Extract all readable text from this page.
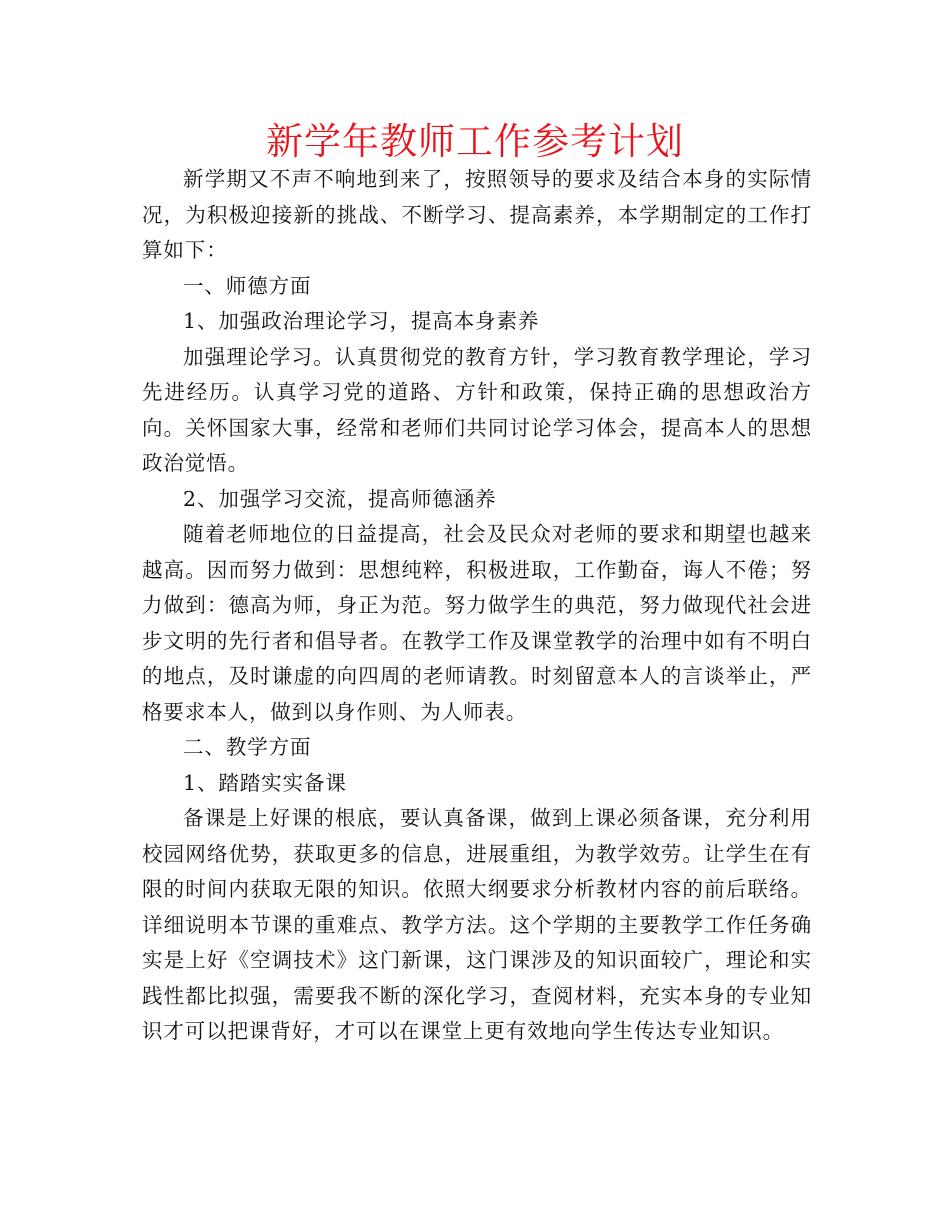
新学年教师工作参考计划

新学期又不声不响地到来了，按照领导的要求及结合本身的实际情况，为积极迎接新的挑战、不断学习、提高素养，本学期制定的工作打算如下：

一、师德方面

1、加强政治理论学习，提高本身素养

加强理论学习。认真贯彻党的教育方针，学习教育教学理论，学习先进经历。认真学习党的道路、方针和政策，保持正确的思想政治方向。关怀国家大事，经常和老师们共同讨论学习体会，提高本人的思想政治觉悟。

2、加强学习交流，提高师德涵养

随着老师地位的日益提高，社会及民众对老师的要求和期望也越来越高。因而努力做到：思想纯粹，积极进取，工作勤奋，诲人不倦；努力做到：德高为师，身正为范。努力做学生的典范，努力做现代社会进步文明的先行者和倡导者。在教学工作及课堂教学的治理中如有不明白的地点，及时谦虚的向四周的老师请教。时刻留意本人的言谈举止，严格要求本人，做到以身作则、为人师表。

二、教学方面

1、踏踏实实备课

备课是上好课的根底，要认真备课，做到上课必须备课，充分利用校园网络优势，获取更多的信息，进展重组，为教学效劳。让学生在有限的时间内获取无限的知识。依照大纲要求分析教材内容的前后联络。详细说明本节课的重难点、教学方法。这个学期的主要教学工作任务确实是上好《空调技术》这门新课，这门课涉及的知识面较广，理论和实践性都比拟强，需要我不断的深化学习，查阅材料，充实本身的专业知识才可以把课背好，才可以在课堂上更有效地向学生传达专业知识。
